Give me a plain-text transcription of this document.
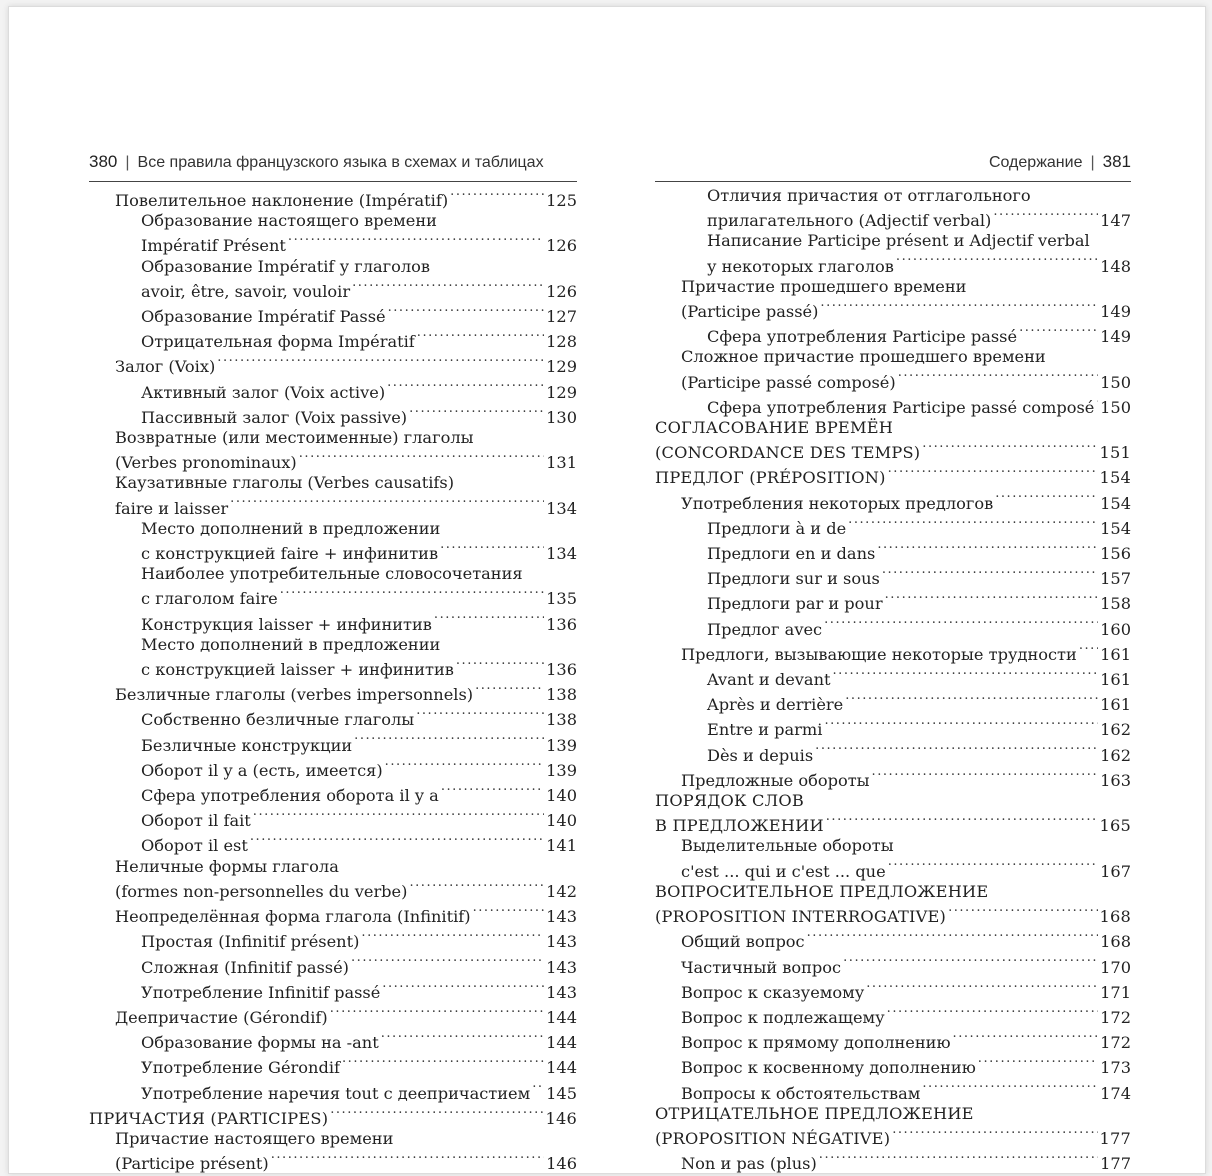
380 | Все правила французского языка в схемах и таблицах
Повелительное наклонение (Impératif) . . .	125
Образование настоящего времени
Impératif Présent . . .	126
Образование Impératif у глаголов
avoir, être, savoir, vouloir . . .	126
Образование Impératif Passé . . .	127
Отрицательная форма Impératif . . .	128
Залог (Voix) . . .	129
Активный залог (Voix active) . . .	129
Пассивный залог (Voix passive) . . .	130
Возвратные (или местоименные) глаголы
(Verbes pronominaux) . . .	131
Каузативные глаголы (Verbes causatifs)
faire и laisser . . .	134
Место дополнений в предложении
с конструкцией faire + инфинитив . . .	134
Наиболее употребительные словосочетания
с глаголом faire . . .	135
Конструкция laisser + инфинитив . . .	136
Место дополнений в предложении
с конструкцией laisser + инфинитив . . .	136
Безличные глаголы (verbes impersonnels) . . .	138
Собственно безличные глаголы . . .	138
Безличные конструкции . . .	139
Оборот il y a (есть, имеется) . . .	139
Сфера употребления оборота il y a . . .	140
Оборот il fait . . .	140
Оборот il est . . .	141
Неличные формы глагола
(formes non-personnelles du verbe) . . .	142
Неопределённая форма глагола (Infinitif) . . .	143
Простая (Infinitif présent) . . .	143
Сложная (Infinitif passé) . . .	143
Употребление Infinitif passé . . .	143
Деепричастие (Gérondif) . . .	144
Образование формы на -ant . . .	144
Употребление Gérondif . . .	144
Употребление наречия tout с деепричастием . . . 145
ПРИЧАСТИЯ (PARTICIPES) . . .	146
Причастие настоящего времени
(Participe présent) . . .	146
Содержание | 381
Отличия причастия от отглагольного
прилагательного (Adjectif verbal) . . .	147
Написание Participe présent и Adjectif verbal
у некоторых глаголов . . .	148
Причастие прошедшего времени
(Participe passé) . . .	149
Сфера употребления Participe passé . . .	149
Сложное причастие прошедшего времени
(Participe passé composé) . . .	150
Сфера употребления Participe passé composé . . . 150
СОГЛАСОВАНИЕ ВРЕМЁН
(CONCORDANCE DES TEMPS) . . .	151
ПРЕДЛОГ (PRÉPOSITION) . . .	154
Употребления некоторых предлогов . . .	154
Предлоги à и de . . .	154
Предлоги en и dans . . .	156
Предлоги sur и sous . . .	157
Предлоги par и pour . . .	158
Предлог avec . . .	160
Предлоги, вызывающие некоторые трудности . . . 161
Avant и devant . . .	161
Après и derrière . . .	161
Entre и parmi . . .	162
Dès и depuis . . .	162
Предложные обороты . . .	163
ПОРЯДОК СЛОВ
В ПРЕДЛОЖЕНИИ . . .	165
Выделительные обороты
c'est ... qui и c'est ... que . . .	167
ВОПРОСИТЕЛЬНОЕ ПРЕДЛОЖЕНИЕ
(PROPOSITION INTERROGATIVE) . . .	168
Общий вопрос . . .	168
Частичный вопрос . . .	170
Вопрос к сказуемому . . .	171
Вопрос к подлежащему . . .	172
Вопрос к прямому дополнению . . .	172
Вопрос к косвенному дополнению . . .	173
Вопросы к обстоятельствам . . .	174
ОТРИЦАТЕЛЬНОЕ ПРЕДЛОЖЕНИЕ
(PROPOSITION NÉGATIVE) . . .	177
Non и pas (plus) . . .	177
